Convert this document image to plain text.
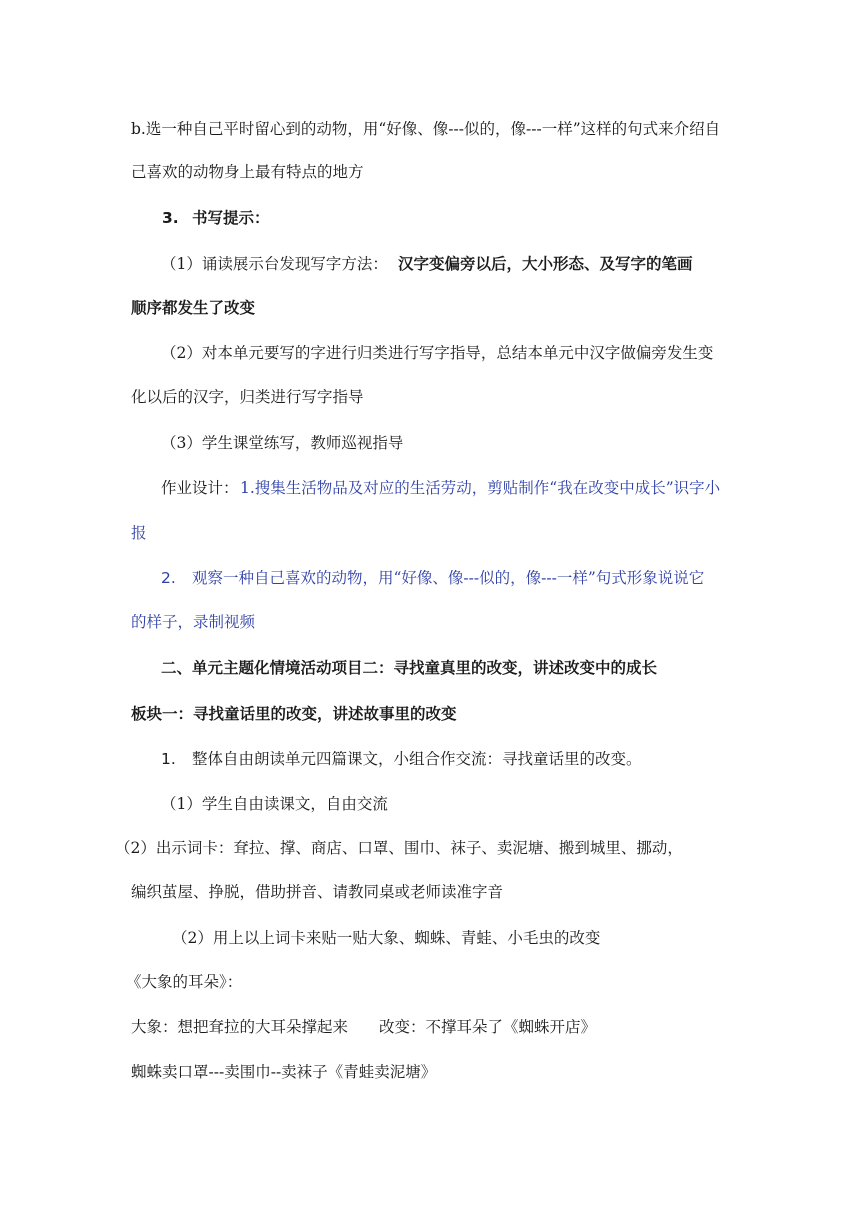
b.选一种自己平时留心到的动物，用“好像、像---似的，像---一样”这样的句式来介绍自
己喜欢的动物身上最有特点的地方
3. 书写提示：
（1）诵读展示台发现写字方法： 汉字变偏旁以后，大小形态、及写字的笔画
顺序都发生了改变
（2）对本单元要写的字进行归类进行写字指导，总结本单元中汉字做偏旁发生变
化以后的汉字，归类进行写字指导
（3）学生课堂练写，教师巡视指导
作业设计： 1.搜集生活物品及对应的生活劳动，剪贴制作“我在改变中成长”识字小
报
2. 观察一种自己喜欢的动物，用“好像、像---似的，像---一样”句式形象说说它
的样子，录制视频
二、单元主题化情境活动项目二：寻找童真里的改变，讲述改变中的成长
板块一：寻找童话里的改变，讲述故事里的改变
1. 整体自由朗读单元四篇课文，小组合作交流：寻找童话里的改变。
（1）学生自由读课文，自由交流
（2）出示词卡：耷拉、撑、商店、口罩、围巾、袜子、卖泥塘、搬到城里、挪动，
编织茧屋、挣脱，借助拼音、请教同桌或老师读准字音
（2）用上以上词卡来贴一贴大象、蜘蛛、青蛙、小毛虫的改变
《大象的耳朵》：
大象：想把耷拉的大耳朵撑起来 改变：不撑耳朵了《蜘蛛开店》
蜘蛛卖口罩---卖围巾--卖袜子《青蛙卖泥塘》
